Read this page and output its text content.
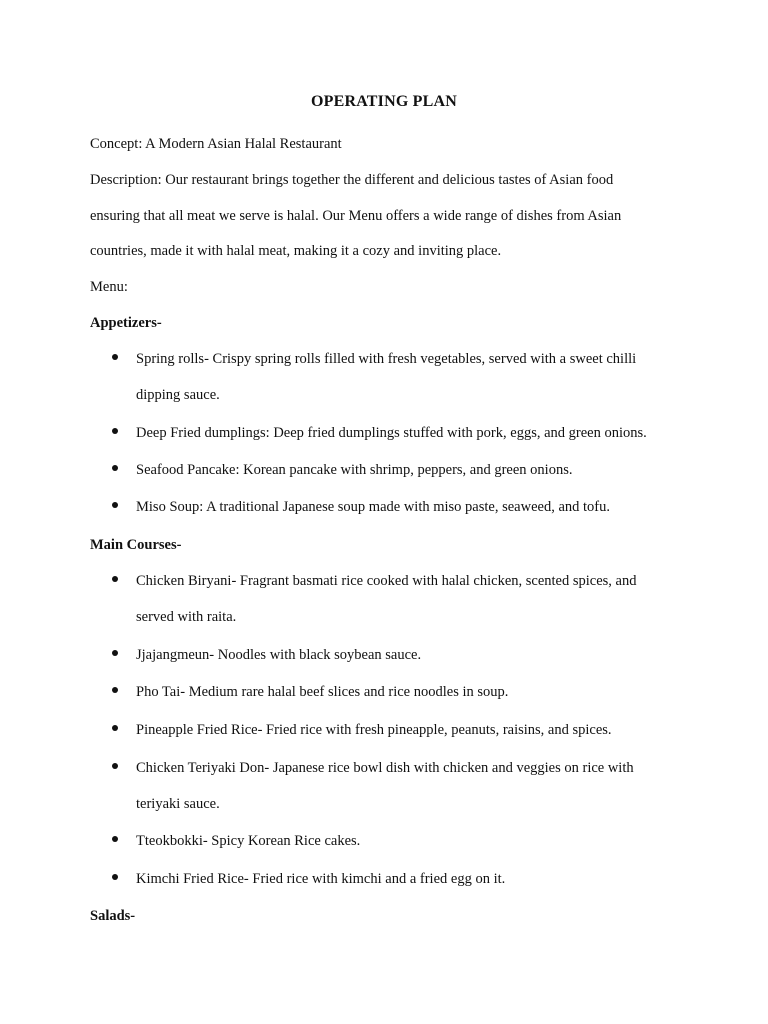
OPERATING PLAN
Concept: A Modern Asian Halal Restaurant
Description: Our restaurant brings together the different and delicious tastes of Asian food
ensuring that all meat we serve is halal. Our Menu offers a wide range of dishes from Asian
countries, made it with halal meat, making it a cozy and inviting place.
Menu:
Appetizers-
Spring rolls- Crispy spring rolls filled with fresh vegetables, served with a sweet chilli
dipping sauce.
Deep Fried dumplings: Deep fried dumplings stuffed with pork, eggs, and green onions.
Seafood Pancake: Korean pancake with shrimp, peppers, and green onions.
Miso Soup: A traditional Japanese soup made with miso paste, seaweed, and tofu.
Main Courses-
Chicken Biryani- Fragrant basmati rice cooked with halal chicken, scented spices, and
served with raita.
Jjajangmeun- Noodles with black soybean sauce.
Pho Tai- Medium rare halal beef slices and rice noodles in soup.
Pineapple Fried Rice- Fried rice with fresh pineapple, peanuts, raisins, and spices.
Chicken Teriyaki Don- Japanese rice bowl dish with chicken and veggies on rice with
teriyaki sauce.
Tteokbokki- Spicy Korean Rice cakes.
Kimchi Fried Rice- Fried rice with kimchi and a fried egg on it.
Salads-
